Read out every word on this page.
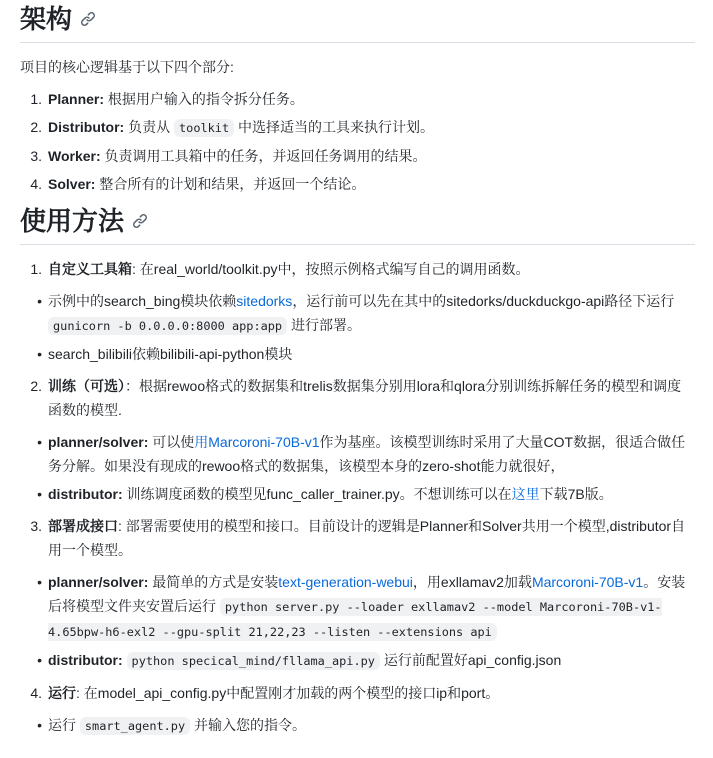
架构

项目的核心逻辑基于以下四个部分:

1. Planner: 根据用户输入的指令拆分任务。
2. Distributor: 负责从 toolkit 中选择适当的工具来执行计划。
3. Worker: 负责调用工具箱中的任务，并返回任务调用的结果。
4. Solver: 整合所有的计划和结果，并返回一个结论。
使用方法
1. 自定义工具箱: 在real_world/toolkit.py中，按照示例格式编写自己的调用函数。
• 示例中的search_bing模块依赖sitedorks，运行前可以先在其中的sitedorks/duckduckgo-api路径下运行 gunicorn -b 0.0.0.0:8000 app:app 进行部署。
• search_bilibili依赖bilibili-api-python模块
2. 训练（可选）：根据rewoo格式的数据集和trelis数据集分别用lora和qlora分别训练拆解任务的模型和调度函数的模型.
• planner/solver: 可以使用Marcoroni-70B-v1作为基座。该模型训练时采用了大量COT数据，很适合做任务分解。如果没有现成的rewoo格式的数据集，该模型本身的zero-shot能力就很好，
• distributor: 训练调度函数的模型见func_caller_trainer.py。不想训练可以在这里下载7B版。
3. 部署成接口: 部署需要使用的模型和接口。目前设计的逻辑是Planner和Solver共用一个模型,distributor自用一个模型。
• planner/solver: 最简单的方式是安装text-generation-webui，用exllamav2加载Marcoroni-70B-v1。安装后将模型文件夹安置后运行 python server.py --loader exllamav2 --model Marcoroni-70B-v1-4.65bpw-h6-exl2 --gpu-split 21,22,23 --listen --extensions api
• distributor: python specical_mind/fllama_api.py 运行前配置好api_config.json
4. 运行: 在model_api_config.py中配置刚才加载的两个模型的接口ip和port。
• 运行 smart_agent.py 并输入您的指令。
